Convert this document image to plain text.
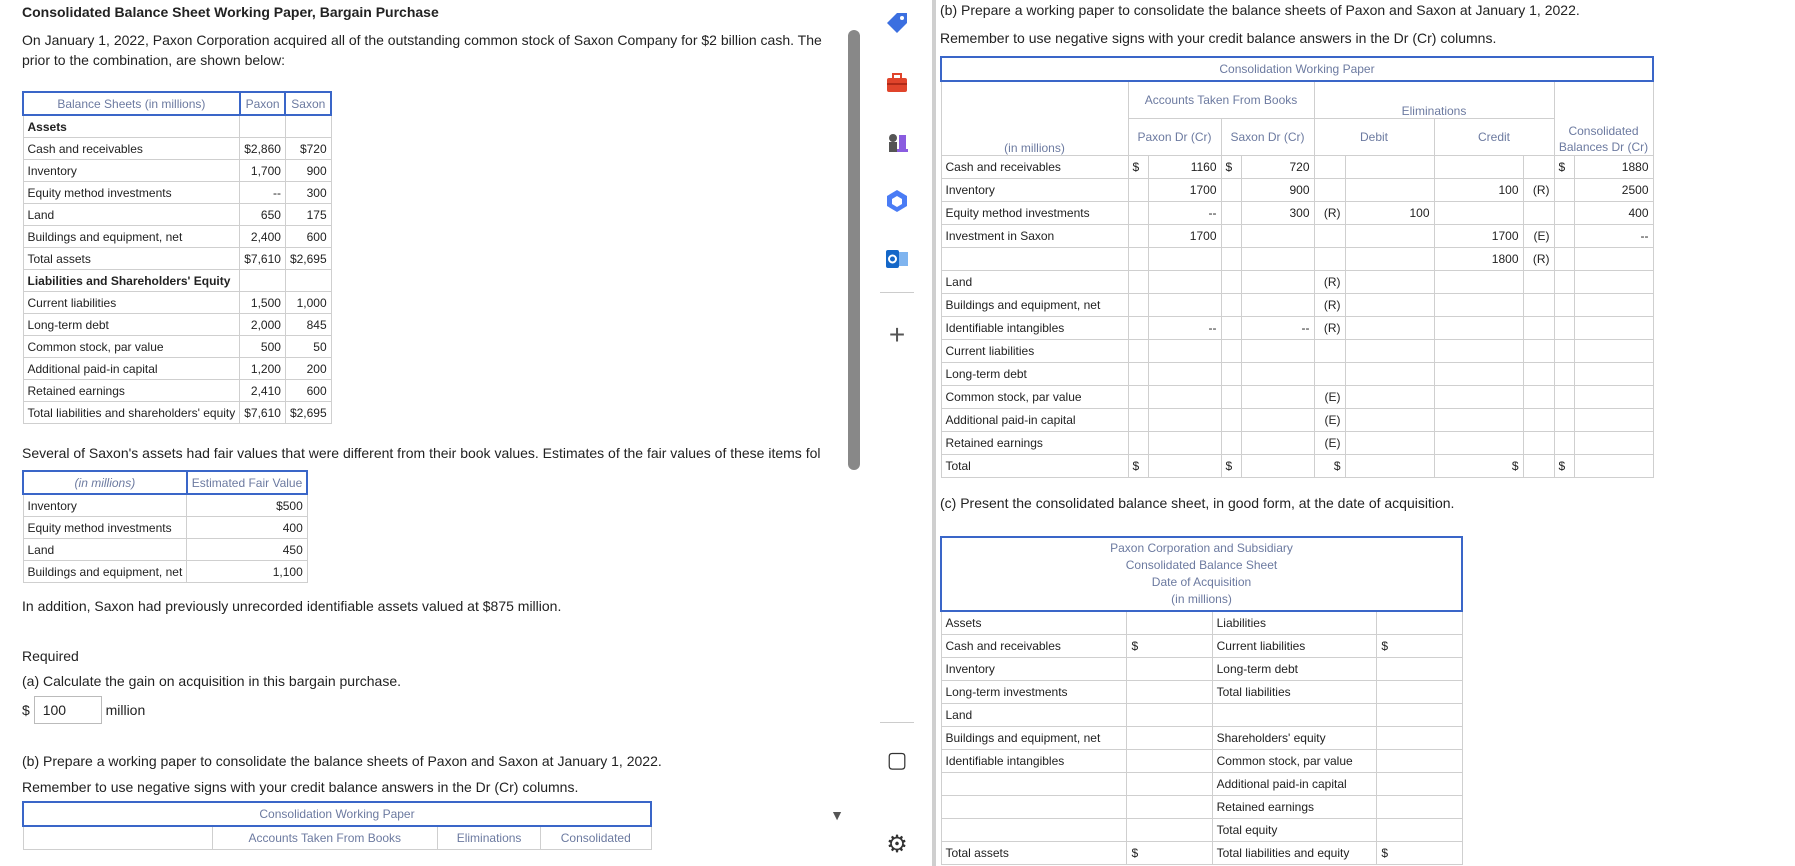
Consolidated Balance Sheet Working Paper, Bargain Purchase
On January 1, 2022, Paxon Corporation acquired all of the outstanding common stock of Saxon Company for $2 billion cash. The
prior to the combination, are shown below:
Balance Sheets (in millions)	Paxon	Saxon
Assets		
Cash and receivables	$2,860	$720
Inventory	1,700	900
Equity method investments	--	300
Land	650	175
Buildings and equipment, net	2,400	600
Total assets	$7,610	$2,695
Liabilities and Shareholders' Equity		
Current liabilities	1,500	1,000
Long-term debt	2,000	845
Common stock, par value	500	50
Additional paid-in capital	1,200	200
Retained earnings	2,410	600
Total liabilities and shareholders' equity	$7,610	$2,695
Several of Saxon's assets had fair values that were different from their book values. Estimates of the fair values of these items fol
(in millions)	Estimated Fair Value
Inventory	$500
Equity method investments	400
Land	450
Buildings and equipment, net	1,100
In addition, Saxon had previously unrecorded identifiable assets valued at $875 million.
Required
(a) Calculate the gain on acquisition in this bargain purchase.
$ 100	million
(b) Prepare a working paper to consolidate the balance sheets of Paxon and Saxon at January 1, 2022.
Remember to use negative signs with your credit balance answers in the Dr (Cr) columns.
Consolidation Working Paper
	Accounts Taken From Books	Eliminations	Consolidated
+
▢
▼
⚙
(b) Prepare a working paper to consolidate the balance sheets of Paxon and Saxon at January 1, 2022.
Remember to use negative signs with your credit balance answers in the Dr (Cr) columns.
Consolidation Working Paper										
(in millions)	Accounts Taken From Books				Eliminations				Consolidated Balances Dr (Cr)	
	Paxon Dr (Cr)		Saxon Dr (Cr)		Debit		Credit			
Cash and receivables	$	1160	$	720					$	1880
Inventory		1700		900			100	(R)		2500
Equity method investments		--		300	(R)	100				400
Investment in Saxon		1700					1700	(E)		--
							1800	(R)		
Land					(R)					
Buildings and equipment, net					(R)					
Identifiable intangibles		--		--	(R)					
Current liabilities										
Long-term debt										
Common stock, par value					(E)					
Additional paid-in capital					(E)					
Retained earnings					(E)					
Total	$		$		$		$		$	
(c) Present the consolidated balance sheet, in good form, at the date of acquisition.
Paxon Corporation and Subsidiary
Consolidated Balance Sheet
Date of Acquisition
(in millions)			

Assets		Liabilities	
Cash and receivables	$	Current liabilities	$
Inventory		Long-term debt	
Long-term investments		Total liabilities	
Land			
Buildings and equipment, net		Shareholders' equity	
Identifiable intangibles		Common stock, par value	
		Additional paid-in capital	
		Retained earnings	
		Total equity	
Total assets	$	Total liabilities and equity	$
